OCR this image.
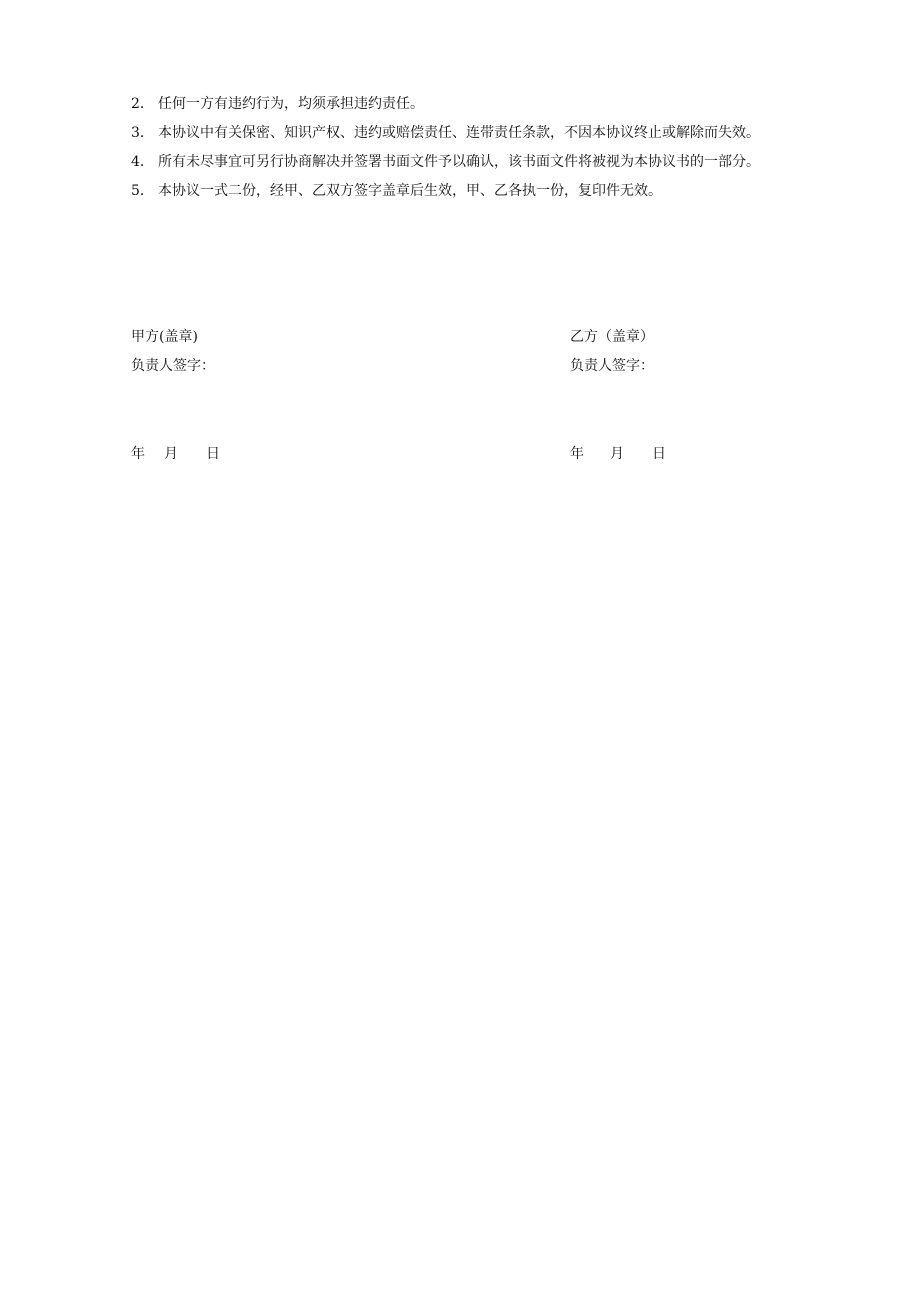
2． 任何一方有违约行为，均须承担违约责任。
3． 本协议中有关保密、知识产权、违约或赔偿责任、连带责任条款，不因本协议终止或解除而失效。
4． 所有未尽事宜可另行协商解决并签署书面文件予以确认，该书面文件将被视为本协议书的一部分。
5． 本协议一式二份，经甲、乙双方签字盖章后生效，甲、乙各执一份，复印件无效。
甲方(盖章)
负责人签字：
年	月	日
乙方（盖章）
负责人签字：
年	月	日
